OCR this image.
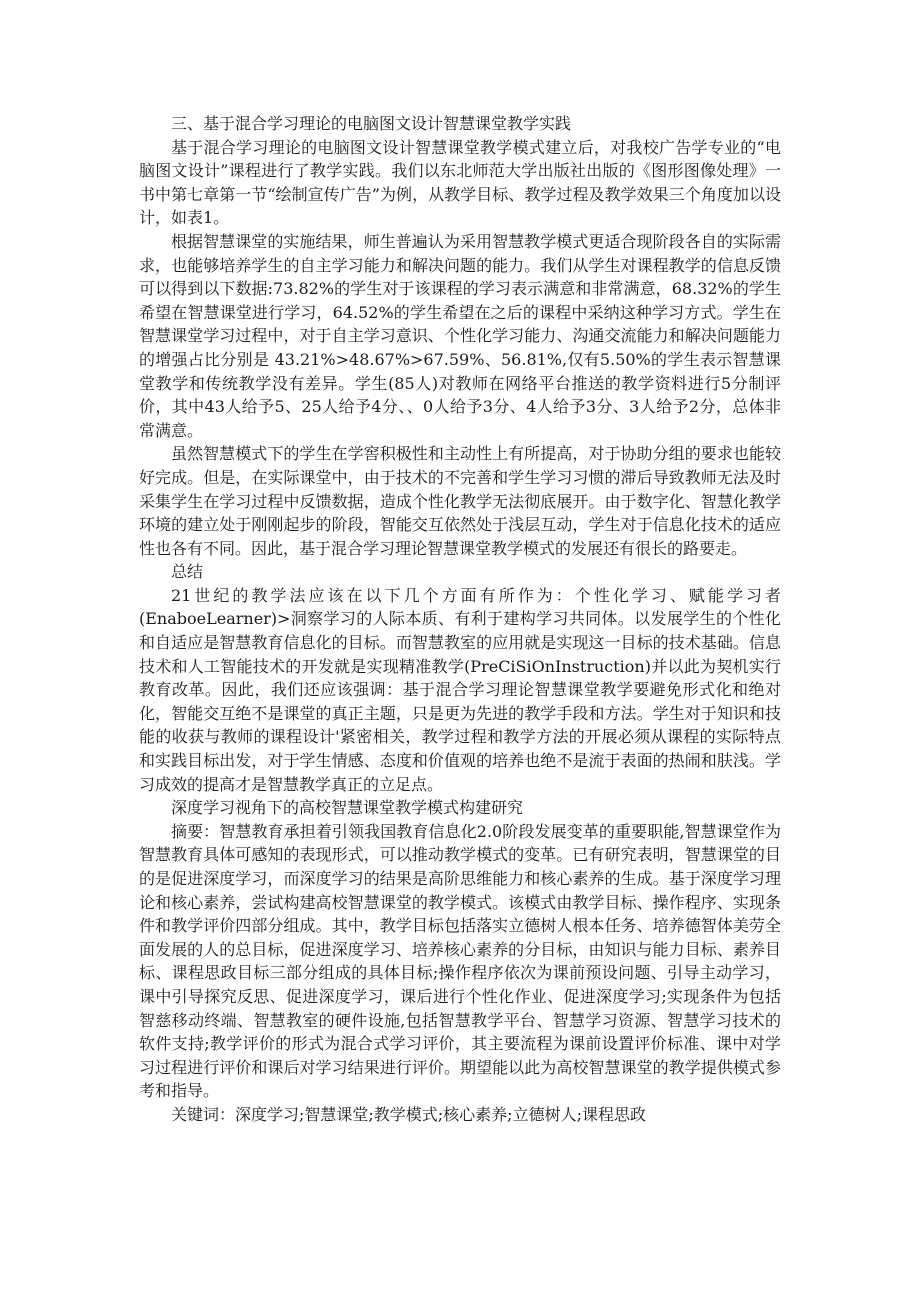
三、基于混合学习理论的电脑图文设计智慧课堂教学实践

基于混合学习理论的电脑图文设计智慧课堂教学模式建立后，对我校广告学专业的“电脑图文设计”课程进行了教学实践。我们以东北师范大学出版社出版的《图形图像处理》一书中第七章第一节“绘制宣传广告”为例，从教学目标、教学过程及教学效果三个角度加以设计，如表1。

根据智慧课堂的实施结果，师生普遍认为采用智慧教学模式更适合现阶段各自的实际需求，也能够培养学生的自主学习能力和解决问题的能力。我们从学生对课程教学的信息反馈可以得到以下数据:73.82%的学生对于该课程的学习表示满意和非常满意，68.32%的学生希望在智慧课堂进行学习，64.52%的学生希望在之后的课程中采纳这种学习方式。学生在智慧课堂学习过程中，对于自主学习意识、个性化学习能力、沟通交流能力和解决问题能力的增强占比分别是 43.21%>48.67%>67.59%、56.81%,仅有5.50%的学生表示智慧课堂教学和传统教学没有差异。学生(85人)对教师在网络平台推送的教学资料进行5分制评价，其中43人给予5、25人给予4分、、0人给予3分、4人给予3分、3人给予2分，总体非常满意。

虽然智慧模式下的学生在学窖积极性和主动性上有所提高，对于协助分组的要求也能较好完成。但是，在实际课堂中，由于技术的不完善和学生学习习惯的滞后导致教师无法及时采集学生在学习过程中反馈数据，造成个性化教学无法彻底展开。由于数字化、智慧化教学环境的建立处于刚刚起步的阶段，智能交互依然处于浅层互动，学生对于信息化技术的适应性也各有不同。因此，基于混合学习理论智慧课堂教学模式的发展还有很长的路要走。

总结

21世纪的教学法应该在以下几个方面有所作为：个性化学习、赋能学习者(EnaboeLearner)>洞察学习的人际本质、有利于建构学习共同体。以发展学生的个性化和自适应是智慧教育信息化的目标。而智慧教室的应用就是实现这一目标的技术基础。信息技术和人工智能技术的开发就是实现精准教学(PreCiSiOnInstruction)并以此为契机实行教育改革。因此，我们还应该强调：基于混合学习理论智慧课堂教学要避免形式化和绝对化，智能交互绝不是课堂的真正主题，只是更为先进的教学手段和方法。学生对于知识和技能的收获与教师的课程设计'紧密相关，教学过程和教学方法的开展必须从课程的实际特点和实践目标出发，对于学生情感、态度和价值观的培养也绝不是流于表面的热闹和肤浅。学习成效的提高才是智慧教学真正的立足点。

深度学习视角下的高校智慧课堂教学模式构建研究

摘要：智慧教育承担着引领我国教育信息化2.0阶段发展变革的重要职能,智慧课堂作为智慧教育具体可感知的表现形式，可以推动教学模式的变革。已有研究表明，智慧课堂的目的是促进深度学习，而深度学习的结果是高阶思维能力和核心素养的生成。基于深度学习理论和核心素养，尝试构建高校智慧课堂的教学模式。该模式由教学目标、操作程序、实现条件和教学评价四部分组成。其中，教学目标包括落实立德树人根本任务、培养德智体美劳全面发展的人的总目标，促进深度学习、培养核心素养的分目标，由知识与能力目标、素养目标、课程思政目标三部分组成的具体目标;操作程序依次为课前预设问题、引导主动学习，课中引导探究反思、促进深度学习，课后进行个性化作业、促进深度学习;实现条件为包括智慈移动终端、智慧教室的硬件设施,包括智慧教学平台、智慧学习资源、智慧学习技术的软件支持;教学评价的形式为混合式学习评价，其主要流程为课前设置评价标准、课中对学习过程进行评价和课后对学习结果进行评价。期望能以此为高校智慧课堂的教学提供模式参考和指导。

关键词：深度学习;智慧课堂;教学模式;核心素养;立德树人;课程思政
